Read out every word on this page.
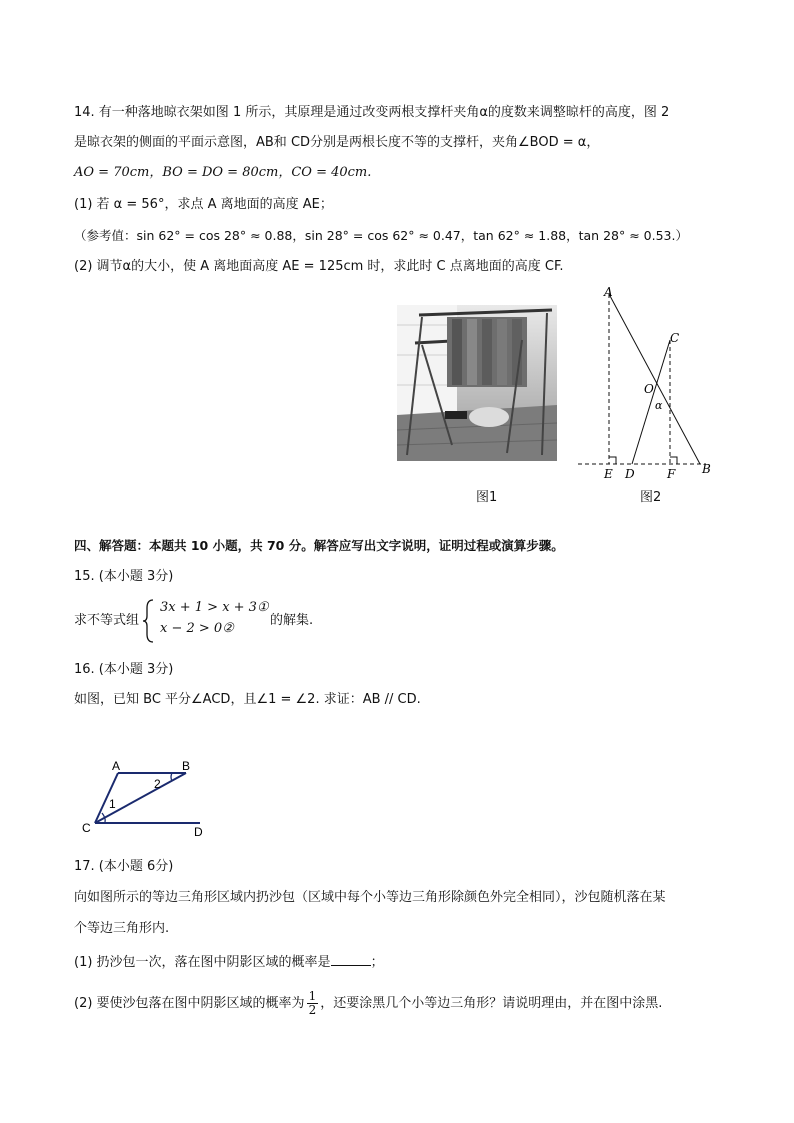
14. 有一种落地晾衣架如图 1 所示，其原理是通过改变两根支撑杆夹角α的度数来调整晾杆的高度，图 2
是晾衣架的侧面的平面示意图，AB和 CD分别是两根长度不等的支撑杆，夹角∠BOD = α，
AO = 70cm，BO = DO = 80cm，CO = 40cm.
(1) 若 α = 56°，求点 A 离地面的高度 AE；
（参考值：sin 62° = cos 28° ≈ 0.88，sin 28° = cos 62° ≈ 0.47，tan 62° ≈ 1.88，tan 28° ≈ 0.53.）
(2) 调节α的大小，使 A 离地面高度 AE = 125cm 时，求此时 C 点离地面的高度 CF.
图1
A
C
O
α
E D	F B
图2
四、解答题：本题共 10 小题，共 70 分。解答应写出文字说明，证明过程或演算步骤。
15. (本小题 3分)
求不等式组
3x + 1 > x + 3①
x − 2 > 0②
的解集.
16. (本小题 3分)
如图，已知 BC 平分∠ACD，且∠1 = ∠2. 求证：AB // CD.
A	B
C	D
1
2
17. (本小题 6分)
向如图所示的等边三角形区域内扔沙包（区域中每个小等边三角形除颜色外完全相同），沙包随机落在某
个等边三角形内.
(1) 扔沙包一次，落在图中阴影区域的概率是	；
(2) 要使沙包落在图中阴影区域的概率为 $\frac{1}{2}$ ，还要涂黑几个小等边三角形？请说明理由，并在图中涂黑.
